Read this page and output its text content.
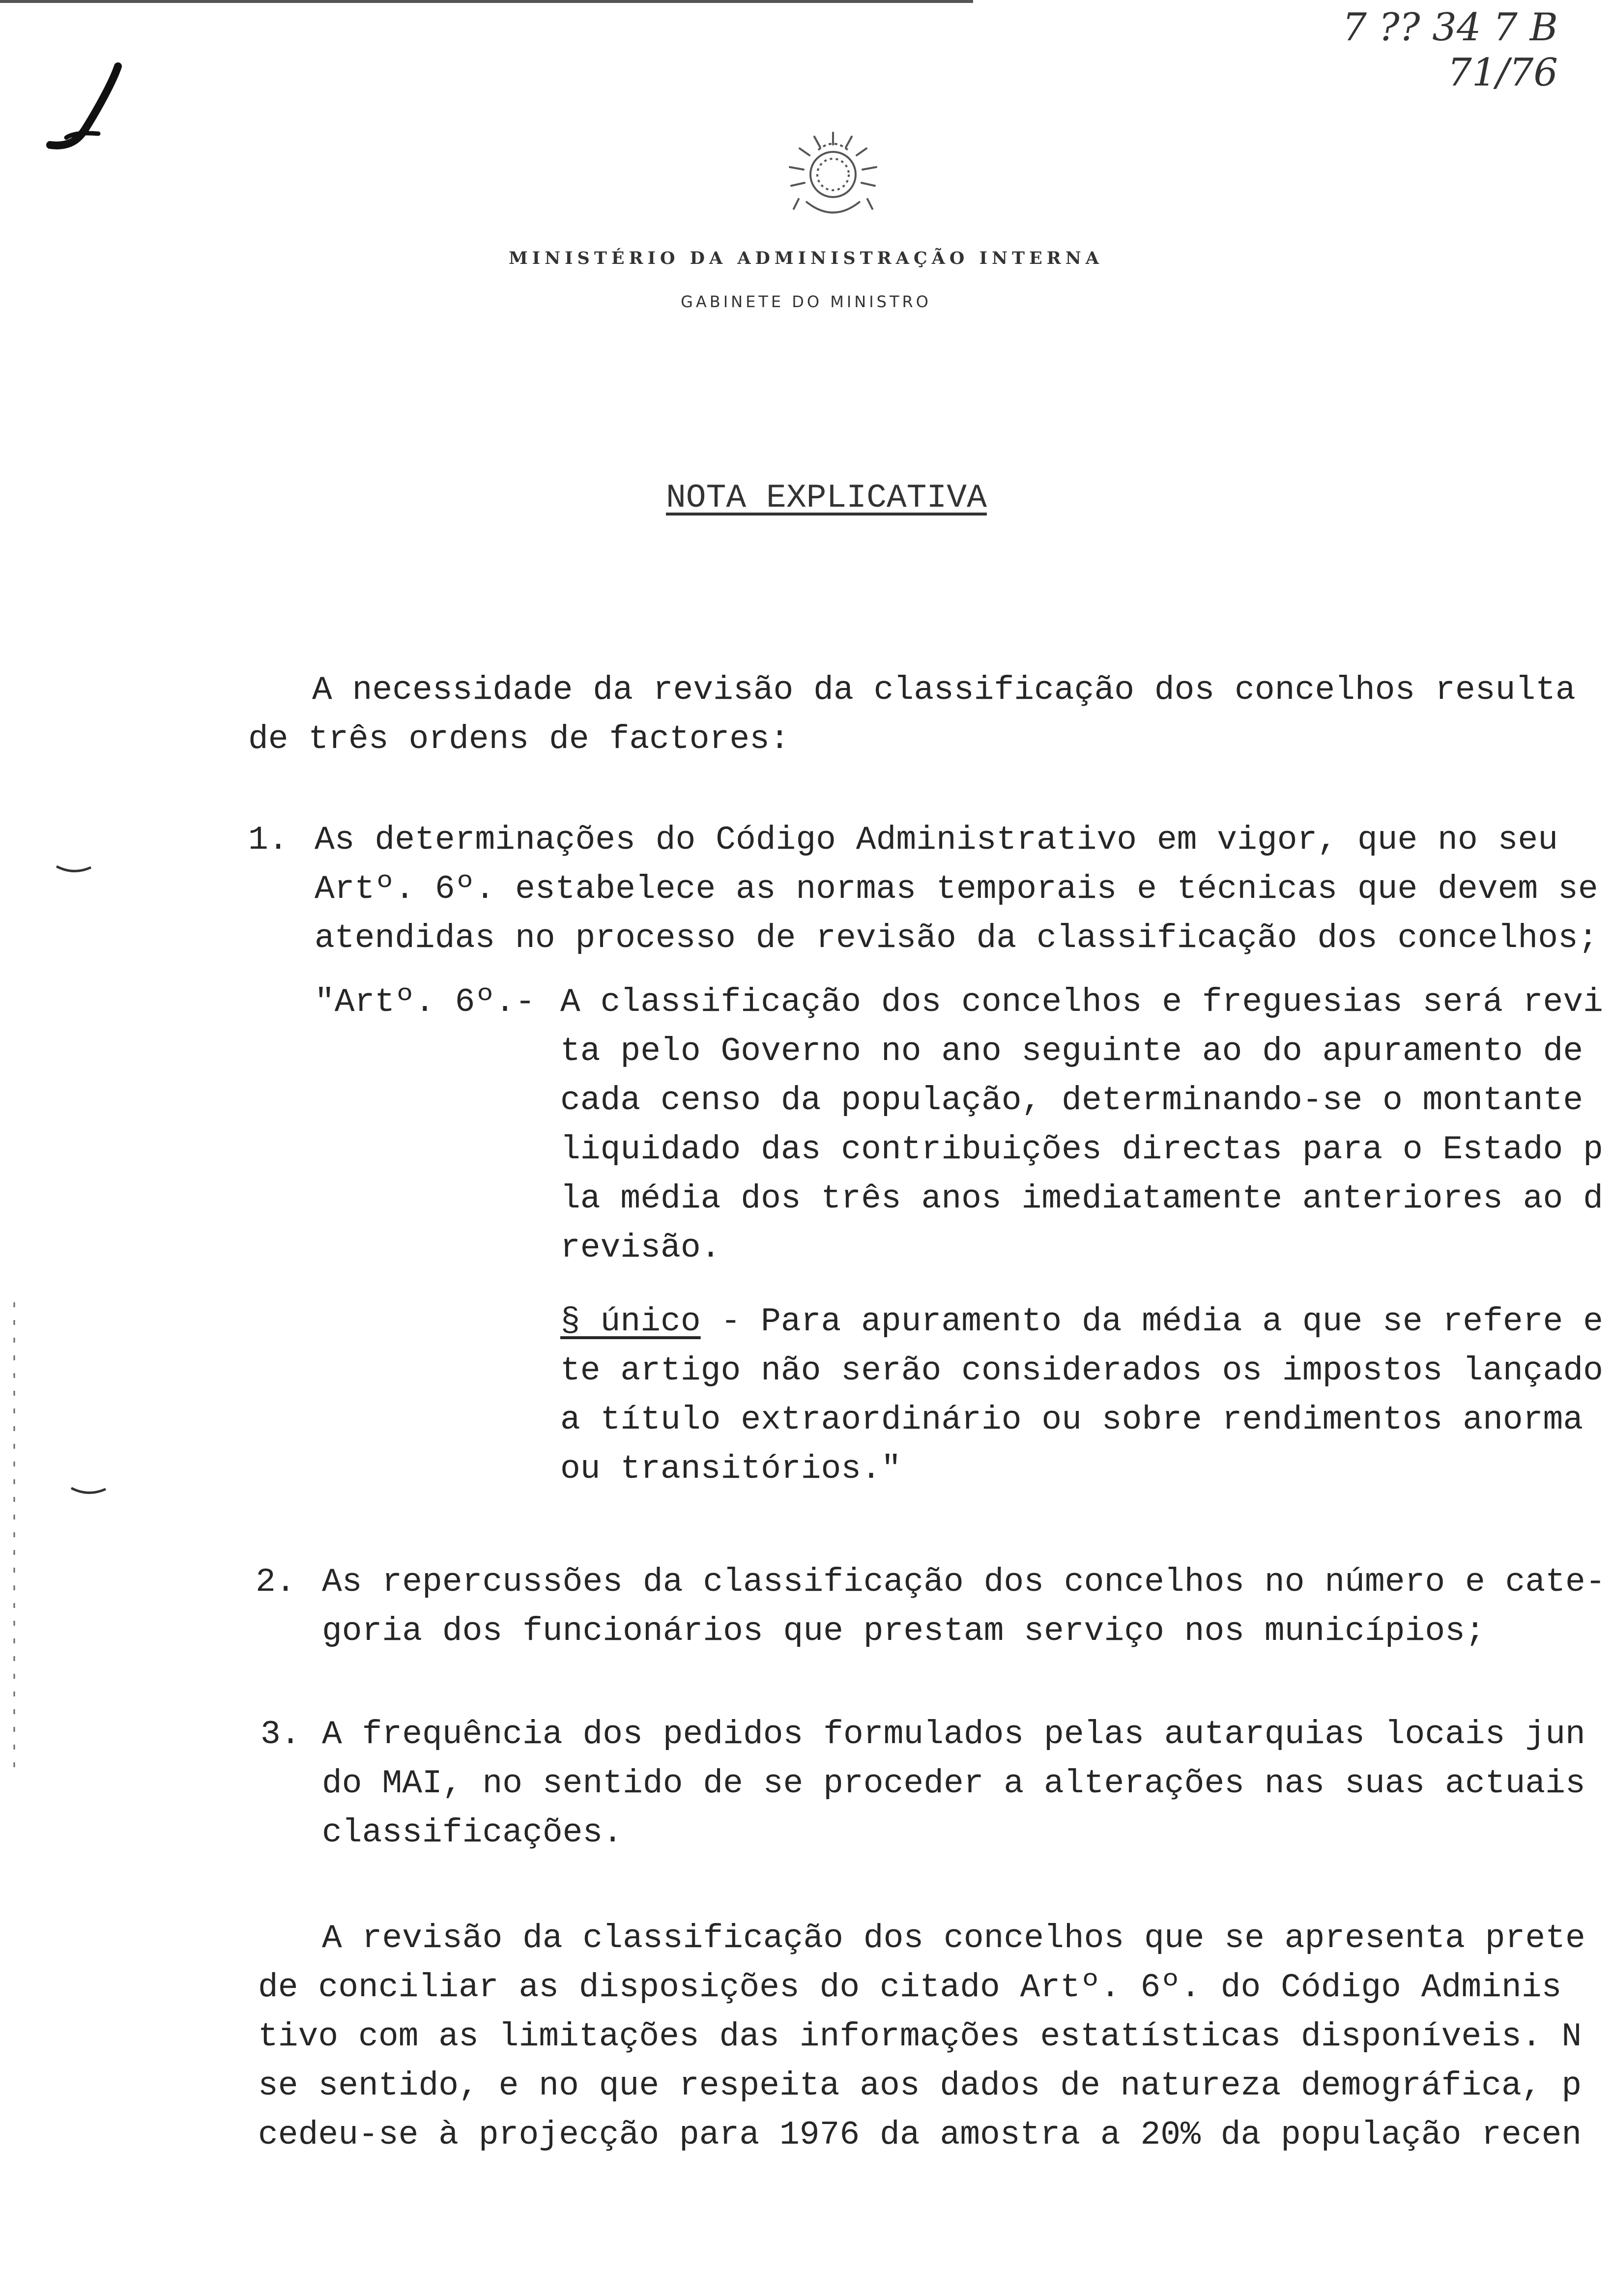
7 ?? 34 7 B
71/76
MINISTÉRIO DA ADMINISTRAÇÃO INTERNA
GABINETE DO MINISTRO
NOTA EXPLICATIVA
A necessidade da revisão da classificação dos concelhos resulta
de três ordens de factores:
1. As determinações do Código Administrativo em vigor, que no seu
Artº. 6º. estabelece as normas temporais e técnicas que devem se
atendidas no processo de revisão da classificação dos concelhos;
"Artº. 6º.- A classificação dos concelhos e freguesias será revi
ta pelo Governo no ano seguinte ao do apuramento de
cada censo da população, determinando-se o montante
liquidado das contribuições directas para o Estado p
la média dos três anos imediatamente anteriores ao d
revisão.
§ único - Para apuramento da média a que se refere e
te artigo não serão considerados os impostos lançado
a título extraordinário ou sobre rendimentos anorma
ou transitórios."
2. As repercussões da classificação dos concelhos no número e cate-
goria dos funcionários que prestam serviço nos municípios;
3. A frequência dos pedidos formulados pelas autarquias locais jun
do MAI, no sentido de se proceder a alterações nas suas actuais
classificações.
A revisão da classificação dos concelhos que se apresenta prete
de conciliar as disposições do citado Artº. 6º. do Código Adminis
tivo com as limitações das informações estatísticas disponíveis. N
se sentido, e no que respeita aos dados de natureza demográfica, p
cedeu-se à projecção para 1976 da amostra a 20% da população recen
